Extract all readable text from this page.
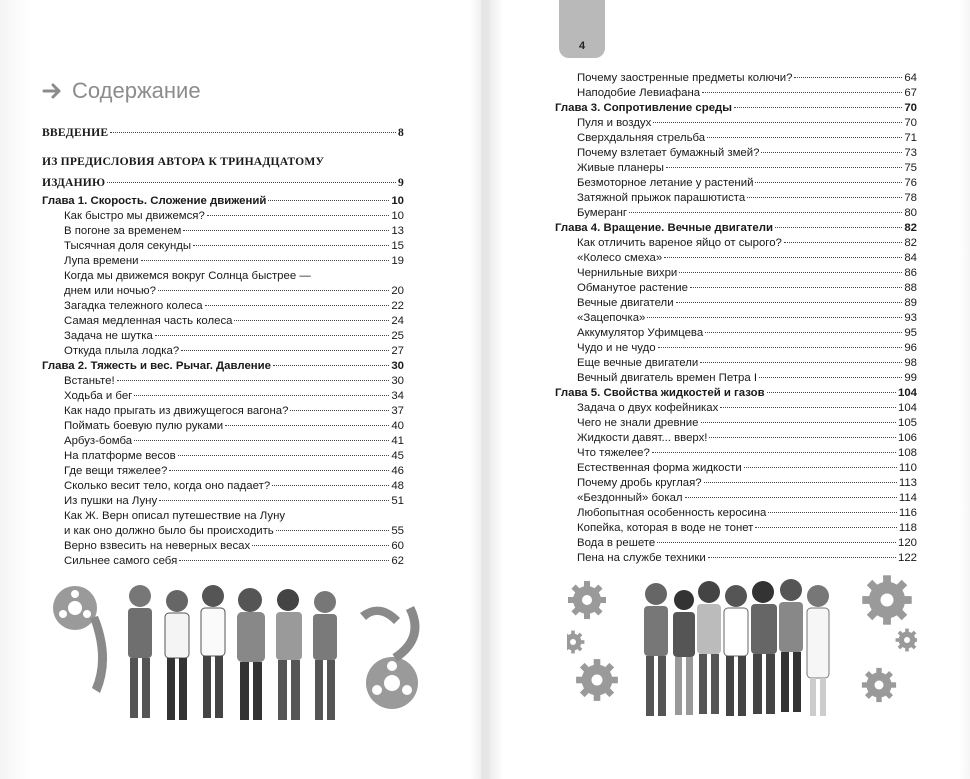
Содержание
ВВЕДЕНИЕ	8
ИЗ ПРЕДИСЛОВИЯ АВТОРА К ТРИНАДЦАТОМУ
ИЗДАНИЮ	9
Глава 1. Скорость. Сложение движений	10
Как быстро мы движемся?	10
В погоне за временем	13
Тысячная доля секунды	15
Лупа времени	19
Когда мы движемся вокруг Солнца быстрее —
днем или ночью?	20
Загадка тележного колеса	22
Самая медленная часть колеса	24
Задача не шутка	25
Откуда плыла лодка?	27
Глава 2. Тяжесть и вес. Рычаг. Давление	30
Встаньте!	30
Ходьба и бег	34
Как надо прыгать из движущегося вагона?	37
Поймать боевую пулю руками	40
Арбуз-бомба	41
На платформе весов	45
Где вещи тяжелее?	46
Сколько весит тело, когда оно падает?	48
Из пушки на Луну	51
Как Ж. Верн описал путешествие на Луну
и как оно должно было бы происходить	55
Верно взвесить на неверных весах	60
Сильнее самого себя	62
4
Почему заостренные предметы колючи?	64
Наподобие Левиафана	67
Глава 3. Сопротивление среды	70
Пуля и воздух	70
Сверхдальняя стрельба	71
Почему взлетает бумажный змей?	73
Живые планеры	75
Безмоторное летание у растений	76
Затяжной прыжок парашютиста	78
Бумеранг	80
Глава 4. Вращение. Вечные двигатели	82
Как отличить вареное яйцо от сырого?	82
«Колесо смеха»	84
Чернильные вихри	86
Обманутое растение	88
Вечные двигатели	89
«Зацепочка»	93
Аккумулятор Уфимцева	95
Чудо и не чудо	96
Еще вечные двигатели	98
Вечный двигатель времен Петра I	99
Глава 5. Свойства жидкостей и газов	104
Задача о двух кофейниках	104
Чего не знали древние	105
Жидкости давят... вверх!	106
Что тяжелее?	108
Естественная форма жидкости	110
Почему дробь круглая?	113
«Бездонный» бокал	114
Любопытная особенность керосина	116
Копейка, которая в воде не тонет	118
Вода в решете	120
Пена на службе техники	122
